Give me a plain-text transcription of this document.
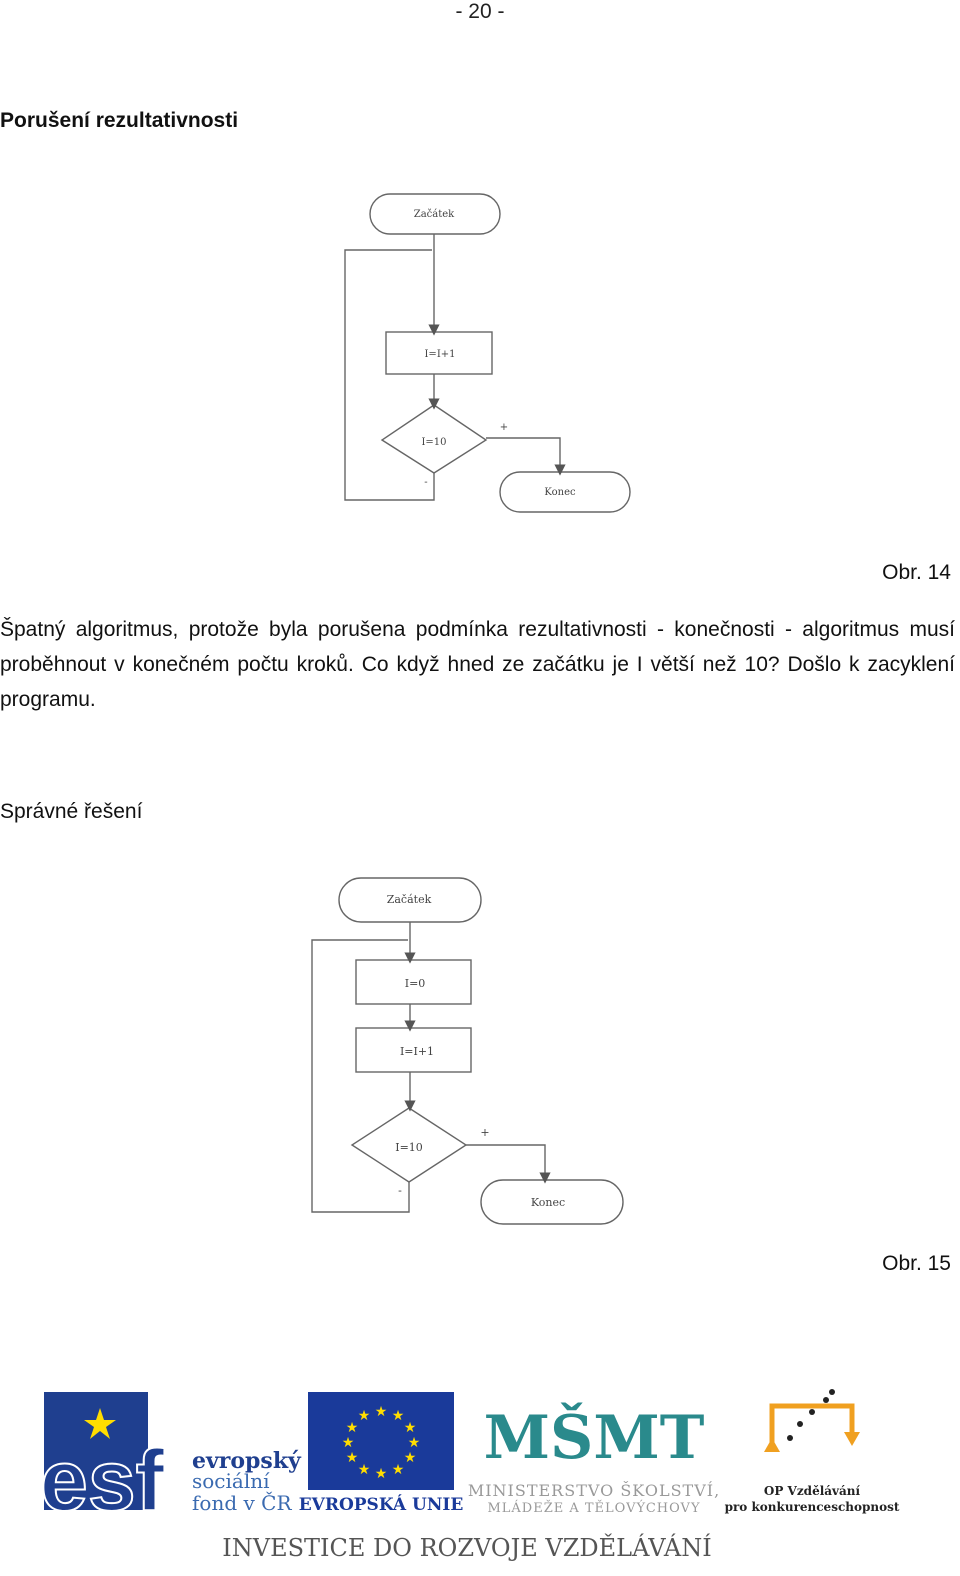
- 20 -
Porušení rezultativnosti
Začátek
I=I+1
I=10
+
-
Konec
Obr. 14
Špatný algoritmus, protože byla porušena podmínka rezultativnosti - konečnosti - algoritmus musí proběhnout v konečném počtu kroků. Co když hned ze začátku je I větší než 10? Došlo k zacyklení programu.
Správné řešení
Začátek
I=0
I=I+1
I=10
+
-
Konec
Obr. 15
esf evropský
sociální
fond v ČR
★ ★
★
★
★
★
★
★
★
★
★
★
EVROPSKÁ UNIE
MŠMT
MINISTERSTVO ŠKOLSTVÍ,
MLÁDEŽE A TĚLOVÝCHOVY
OP Vzdělávání
pro konkurenceschopnost
INVESTICE DO ROZVOJE VZDĚLÁVÁNÍ
